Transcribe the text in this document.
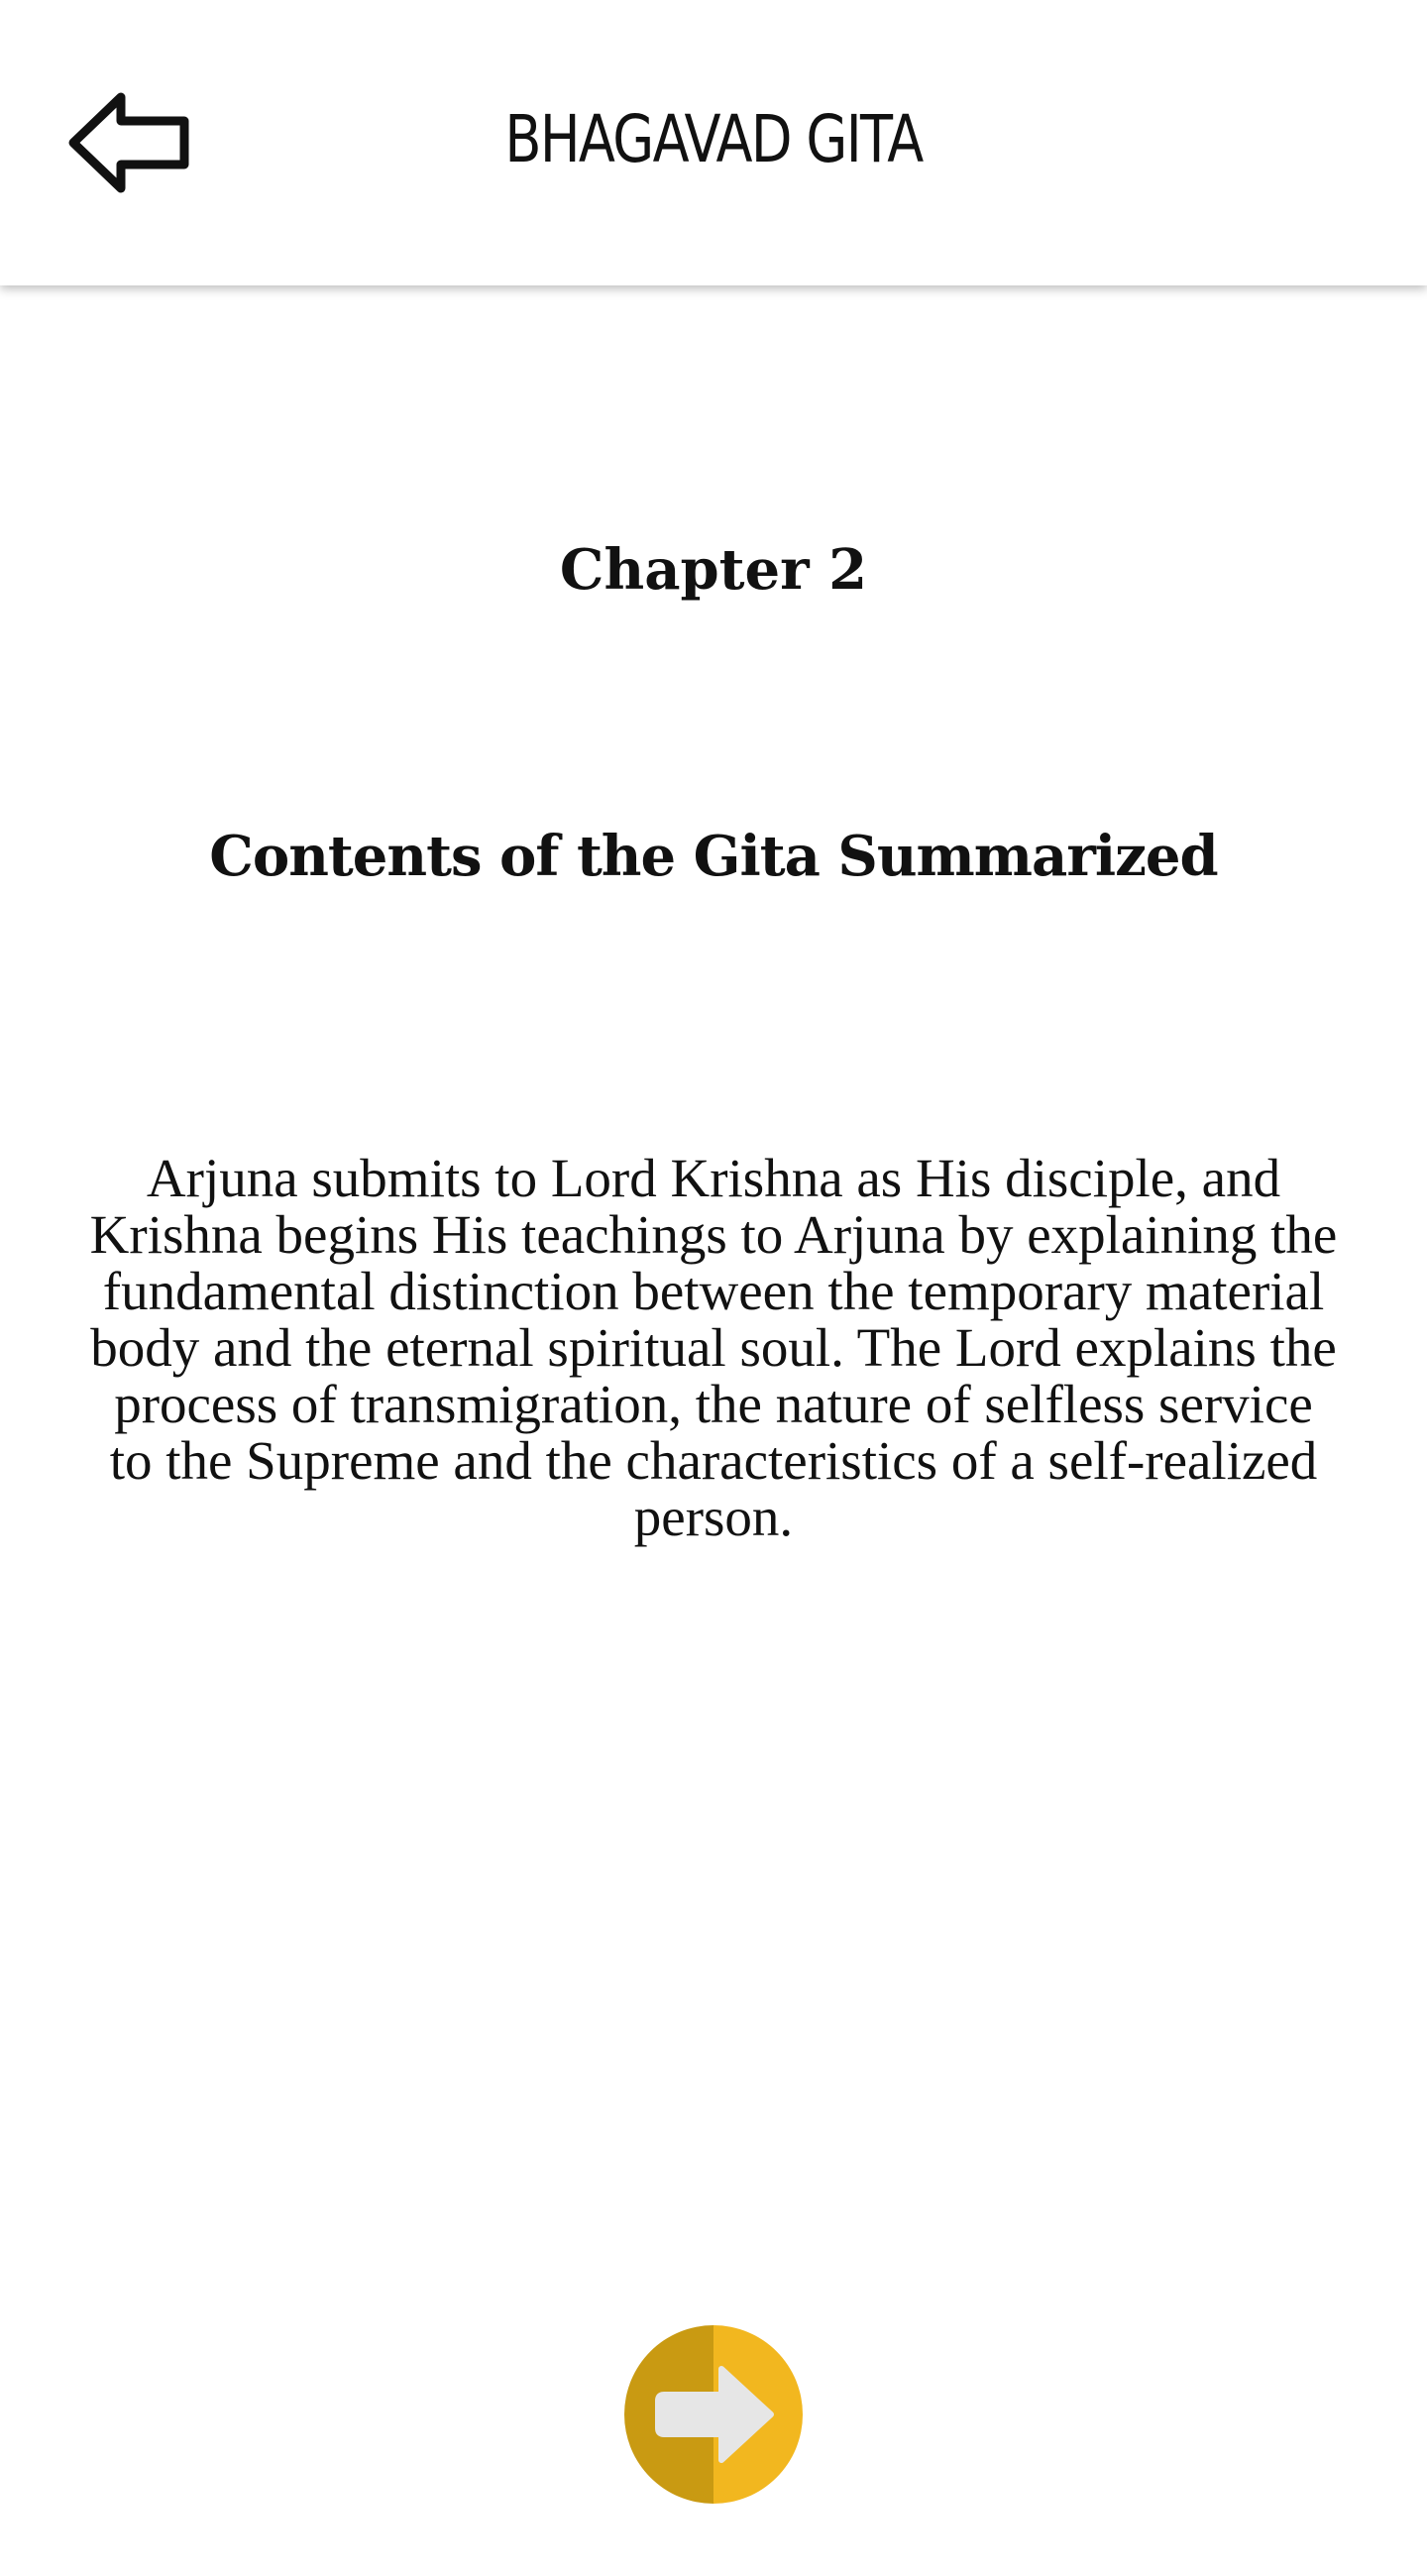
BHAGAVAD GITA
Chapter 2
Contents of the Gita Summarized

Arjuna submits to Lord Krishna as His disciple, and Krishna begins His teachings to Arjuna by explaining the fundamental distinction between the temporary material body and the eternal spiritual soul. The Lord explains the process of transmigration, the nature of selfless service to the Supreme and the characteristics of a self-realized person.
